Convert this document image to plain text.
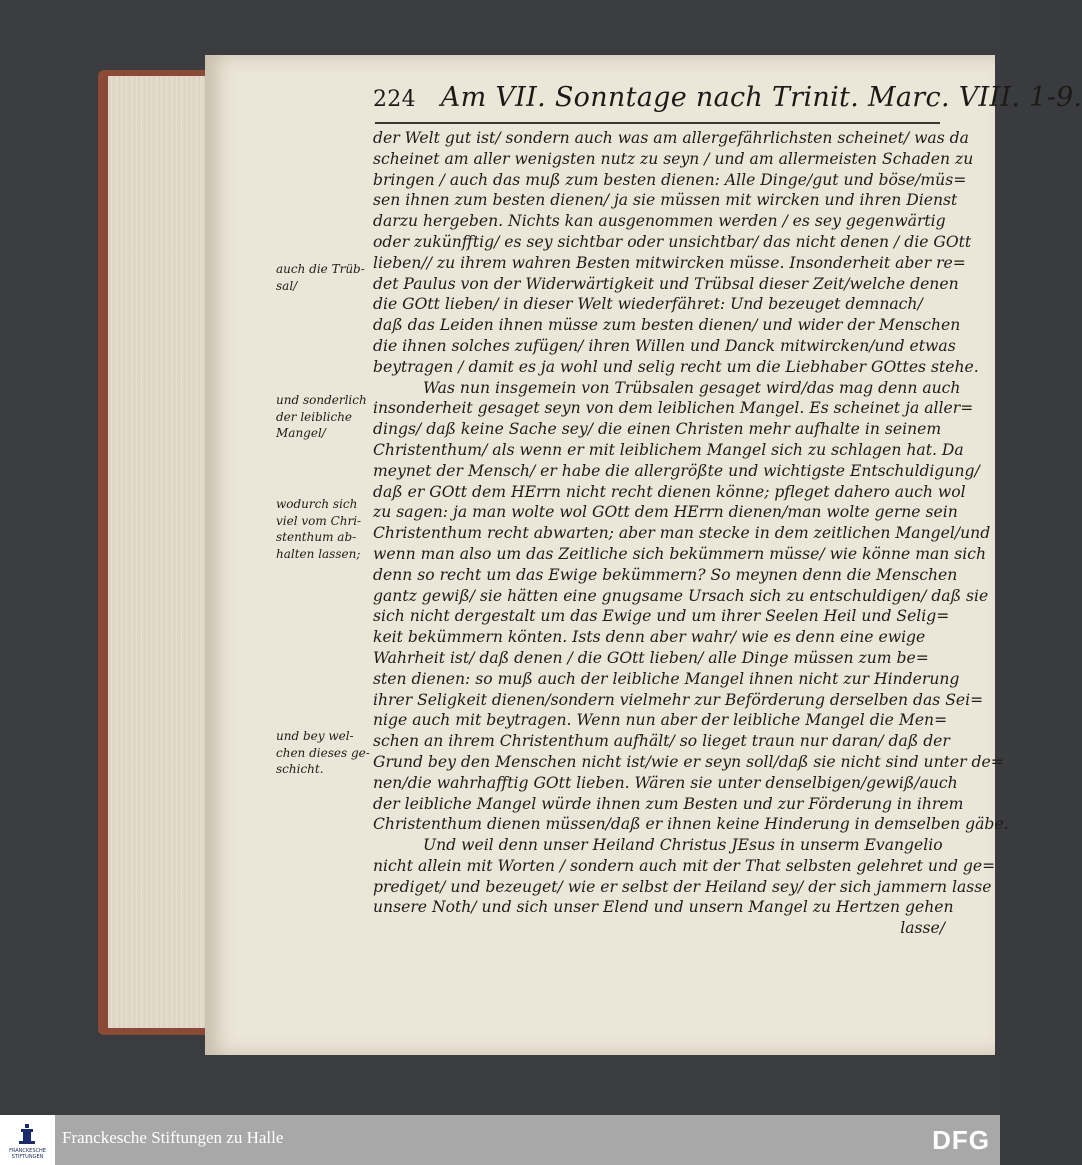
224 Am VII. Sonntage nach Trinit. Marc. VIII. 1-9.
der Welt gut ist/ sondern auch was am allergefährlichsten scheinet/ was da
scheinet am aller wenigsten nutz zu seyn / und am allermeisten Schaden zu
bringen / auch das muß zum besten dienen: Alle Dinge/gut und böse/müs=
sen ihnen zum besten dienen/ ja sie müssen mit wircken und ihren Dienst
darzu hergeben. Nichts kan ausgenommen werden / es sey gegenwärtig
oder zukünfftig/ es sey sichtbar oder unsichtbar/ das nicht denen / die GOtt
lieben// zu ihrem wahren Besten mitwircken müsse. Insonderheit aber re=
det Paulus von der Widerwärtigkeit und Trübsal dieser Zeit/welche denen
die GOtt lieben/ in dieser Welt wiederfähret: Und bezeuget demnach/
daß das Leiden ihnen müsse zum besten dienen/ und wider der Menschen
die ihnen solches zufügen/ ihren Willen und Danck mitwircken/und etwas
beytragen / damit es ja wohl und selig recht um die Liebhaber GOttes stehe.
Was nun insgemein von Trübsalen gesaget wird/das mag denn auch
insonderheit gesaget seyn von dem leiblichen Mangel. Es scheinet ja aller=
dings/ daß keine Sache sey/ die einen Christen mehr aufhalte in seinem
Christenthum/ als wenn er mit leiblichem Mangel sich zu schlagen hat. Da
meynet der Mensch/ er habe die allergrößte und wichtigste Entschuldigung/
daß er GOtt dem HErrn nicht recht dienen könne; pfleget dahero auch wol
zu sagen: ja man wolte wol GOtt dem HErrn dienen/man wolte gerne sein
Christenthum recht abwarten; aber man stecke in dem zeitlichen Mangel/und
wenn man also um das Zeitliche sich bekümmern müsse/ wie könne man sich
denn so recht um das Ewige bekümmern? So meynen denn die Menschen
gantz gewiß/ sie hätten eine gnugsame Ursach sich zu entschuldigen/ daß sie
sich nicht dergestalt um das Ewige und um ihrer Seelen Heil und Selig=
keit bekümmern könten. Ists denn aber wahr/ wie es denn eine ewige
Wahrheit ist/ daß denen / die GOtt lieben/ alle Dinge müssen zum be=
sten dienen: so muß auch der leibliche Mangel ihnen nicht zur Hinderung
ihrer Seligkeit dienen/sondern vielmehr zur Beförderung derselben das Sei=
nige auch mit beytragen. Wenn nun aber der leibliche Mangel die Men=
schen an ihrem Christenthum aufhält/ so lieget traun nur daran/ daß der
Grund bey den Menschen nicht ist/wie er seyn soll/daß sie nicht sind unter de=
nen/die wahrhafftig GOtt lieben. Wären sie unter denselbigen/gewiß/auch
der leibliche Mangel würde ihnen zum Besten und zur Förderung in ihrem
Christenthum dienen müssen/daß er ihnen keine Hinderung in demselben gäbe.
Und weil denn unser Heiland Christus JEsus in unserm Evangelio
nicht allein mit Worten / sondern auch mit der That selbsten gelehret und ge=
prediget/ und bezeuget/ wie er selbst der Heiland sey/ der sich jammern lasse
unsere Noth/ und sich unser Elend und unsern Mangel zu Hertzen gehen
lasse/
auch die Trüb-
sal/
und sonderlich
der leibliche
Mangel/
wodurch sich
viel vom Chri-
stenthum ab-
halten lassen;
und bey wel-
chen dieses ge-
schicht.
FRANCKESCHE
STIFTUNGEN
Franckesche Stiftungen zu Halle	DFG
